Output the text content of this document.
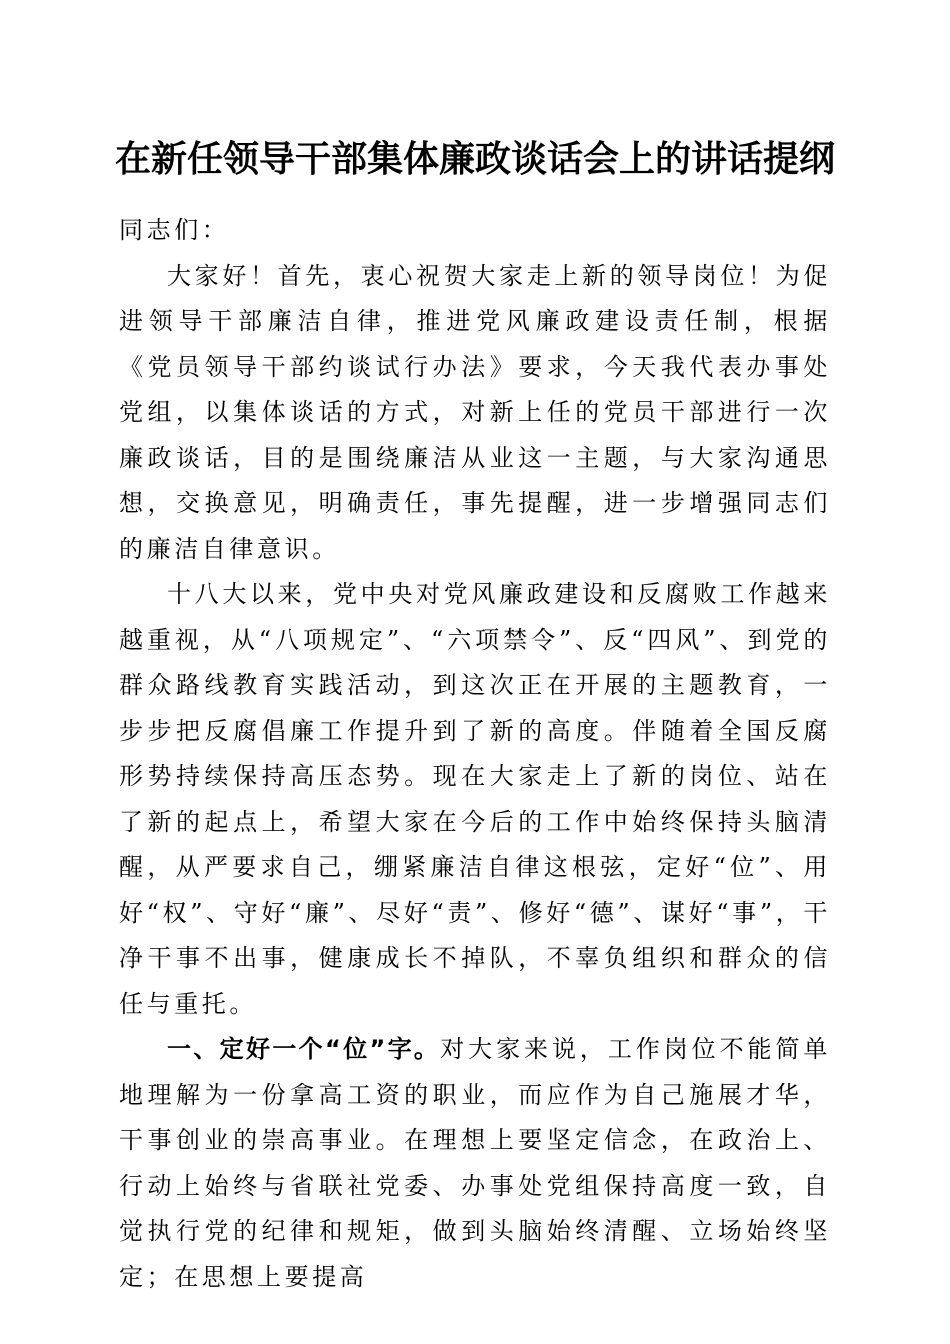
在新任领导干部集体廉政谈话会上的讲话提纲

同志们：

大家好！首先，衷心祝贺大家走上新的领导岗位！为促进领导干部廉洁自律，推进党风廉政建设责任制，根据《党员领导干部约谈试行办法》要求，今天我代表办事处党组，以集体谈话的方式，对新上任的党员干部进行一次廉政谈话，目的是围绕廉洁从业这一主题，与大家沟通思想，交换意见，明确责任，事先提醒，进一步增强同志们的廉洁自律意识。

十八大以来，党中央对党风廉政建设和反腐败工作越来越重视，从“八项规定”、“六项禁令”、反“四风”、到党的群众路线教育实践活动，到这次正在开展的主题教育，一步步把反腐倡廉工作提升到了新的高度。伴随着全国反腐形势持续保持高压态势。现在大家走上了新的岗位、站在了新的起点上，希望大家在今后的工作中始终保持头脑清醒，从严要求自己，绷紧廉洁自律这根弦，定好“位”、用好“权”、守好“廉”、尽好“责”、修好“德”、谋好“事”，干净干事不出事，健康成长不掉队，不辜负组织和群众的信任与重托。

一、定好一个“位”字。对大家来说，工作岗位不能简单地理解为一份拿高工资的职业，而应作为自己施展才华，干事创业的崇高事业。在理想上要坚定信念，在政治上、行动上始终与省联社党委、办事处党组保持高度一致，自觉执行党的纪律和规矩，做到头脑始终清醒、立场始终坚定；在思想上要提高
